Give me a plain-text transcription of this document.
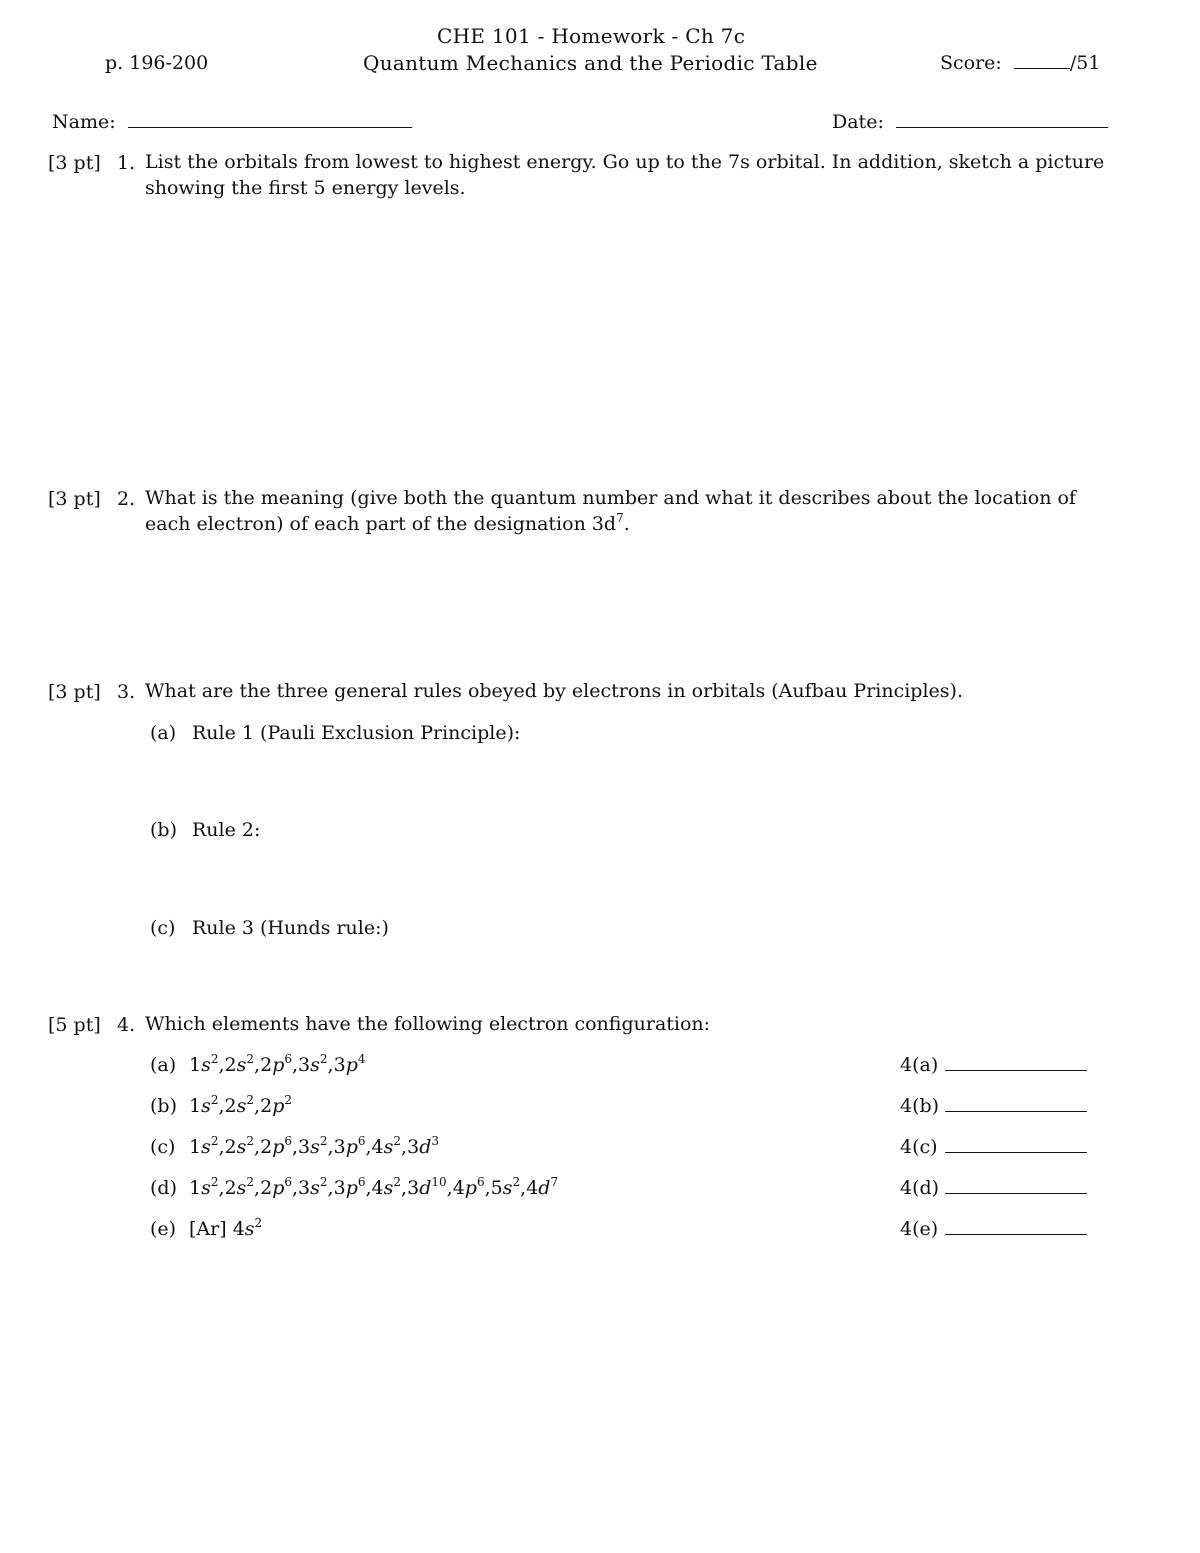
CHE 101 - Homework - Ch 7c
p. 196-200	Quantum Mechanics and the Periodic Table	Score:	/51
Name:	Date:
[3 pt] 1. List the orbitals from lowest to highest energy. Go up to the 7s orbital. In addition, sketch a picture showing the first 5 energy levels.
[3 pt] 2. What is the meaning (give both the quantum number and what it describes about the location of each electron) of each part of the designation $3d^7$.
[3 pt] 3. What are the three general rules obeyed by electrons in orbitals (Aufbau Principles).
(a) Rule 1 (Pauli Exclusion Principle):
(b) Rule 2:
(c) Rule 3 (Hunds rule:)
[5 pt] 4. Which elements have the following electron configuration:
(a) $1s^2,2s^2,2p^6,3s^2,3p^4$	4(a)
(b) $1s^2,2s^2,2p^2$	4(b)
(c) $1s^2,2s^2,2p^6,3s^2,3p^6,4s^2,3d^3$	4(c)
(d) $1s^2,2s^2,2p^6,3s^2,3p^6,4s^2,3d^{10},4p^6,5s^2,4d^7$	4(d)
(e) [Ar] $4s^2$	4(e)
